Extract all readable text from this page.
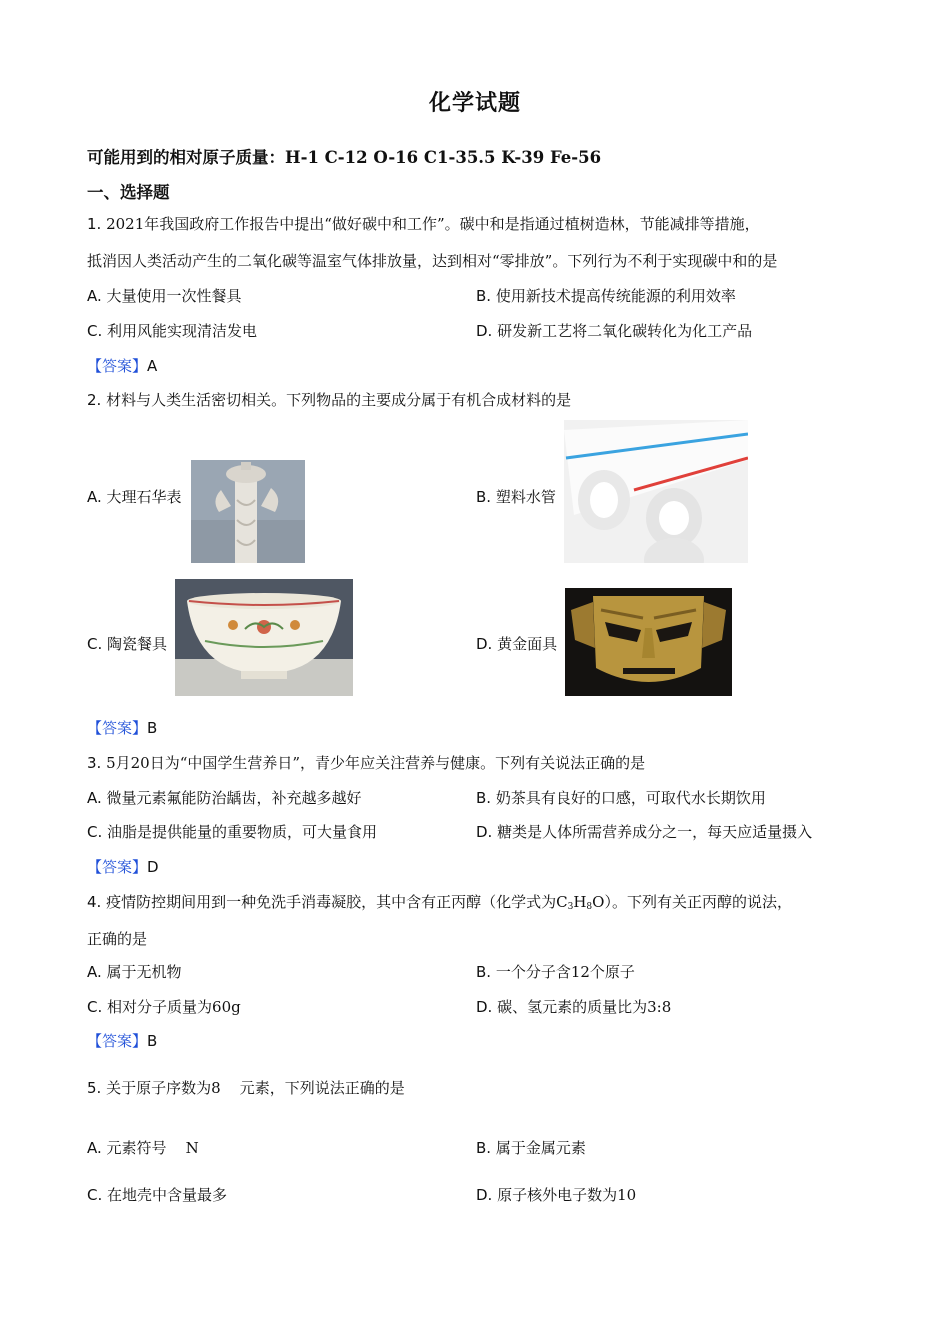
化学试题
可能用到的相对原子质量：H-1 C-12 O-16 C1-35.5 K-39 Fe-56
一、选择题
1. 2021年我国政府工作报告中提出“做好碳中和工作”。碳中和是指通过植树造林，节能减排等措施，
抵消因人类活动产生的二氧化碳等温室气体排放量，达到相对“零排放”。下列行为不利于实现碳中和的是
A. 大量使用一次性餐具	B. 使用新技术提高传统能源的利用效率
C. 利用风能实现清洁发电	D. 研发新工艺将二氧化碳转化为化工产品
【答案】A
2. 材料与人类生活密切相关。下列物品的主要成分属于有机合成材料的是
A. 大理石华表	B. 塑料水管
C. 陶瓷餐具	D. 黄金面具
【答案】B
3. 5月20日为“中国学生营养日”，青少年应关注营养与健康。下列有关说法正确的是
A. 微量元素氟能防治龋齿，补充越多越好	B. 奶茶具有良好的口感，可取代水长期饮用
C. 油脂是提供能量的重要物质，可大量食用	D. 糖类是人体所需营养成分之一，每天应适量摄入
【答案】D
4. 疫情防控期间用到一种免洗手消毒凝胶，其中含有正丙醇（化学式为$C_3H_8O$）。下列有关正丙醇的说法，
正确的是
A. 属于无机物	B. 一个分子含12个原子
C. 相对分子质量为60g	D. 碳、氢元素的质量比为3:8
【答案】B
5. 关于原子序数为8    元素，下列说法正确的是
A. 元素符号    N	B. 属于金属元素
C. 在地壳中含量最多	D. 原子核外电子数为10
